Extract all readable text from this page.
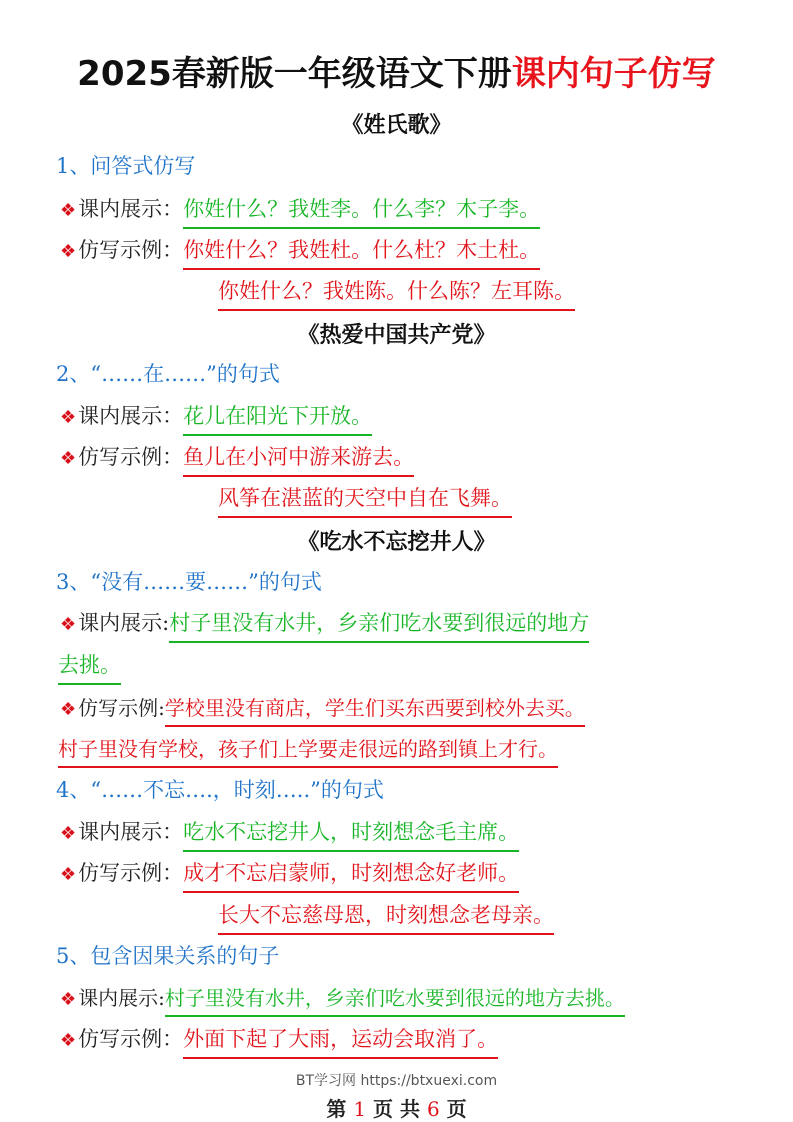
2025春新版一年级语文下册课内句子仿写
《姓氏歌》
1、问答式仿写
❖课内展示：你姓什么？我姓李。什么李？木子李。
❖仿写示例：你姓什么？我姓杜。什么杜？木土杜。
你姓什么？我姓陈。什么陈？左耳陈。
《热爱中国共产党》
2、“……在……”的句式
❖课内展示：花儿在阳光下开放。
❖仿写示例：鱼儿在小河中游来游去。
风筝在湛蓝的天空中自在飞舞。
《吃水不忘挖井人》
3、“没有……要……”的句式
❖课内展示:村子里没有水井，乡亲们吃水要到很远的地方
去挑。
❖ 仿写示例:学校里没有商店，学生们买东西要到校外去买。
村子里没有学校，孩子们上学要走很远的路到镇上才行。
4、“……不忘….，时刻…..”的句式
❖课内展示：吃水不忘挖井人，时刻想念毛主席。
❖仿写示例：成才不忘启蒙师，时刻想念好老师。
长大不忘慈母恩，时刻想念老母亲。
5、包含因果关系的句子
❖ 课内展示:村子里没有水井，乡亲们吃水要到很远的地方去挑。
❖仿写示例：外面下起了大雨，运动会取消了。
BT学习网 https://btxuexi.com
第 1 页 共 6 页
